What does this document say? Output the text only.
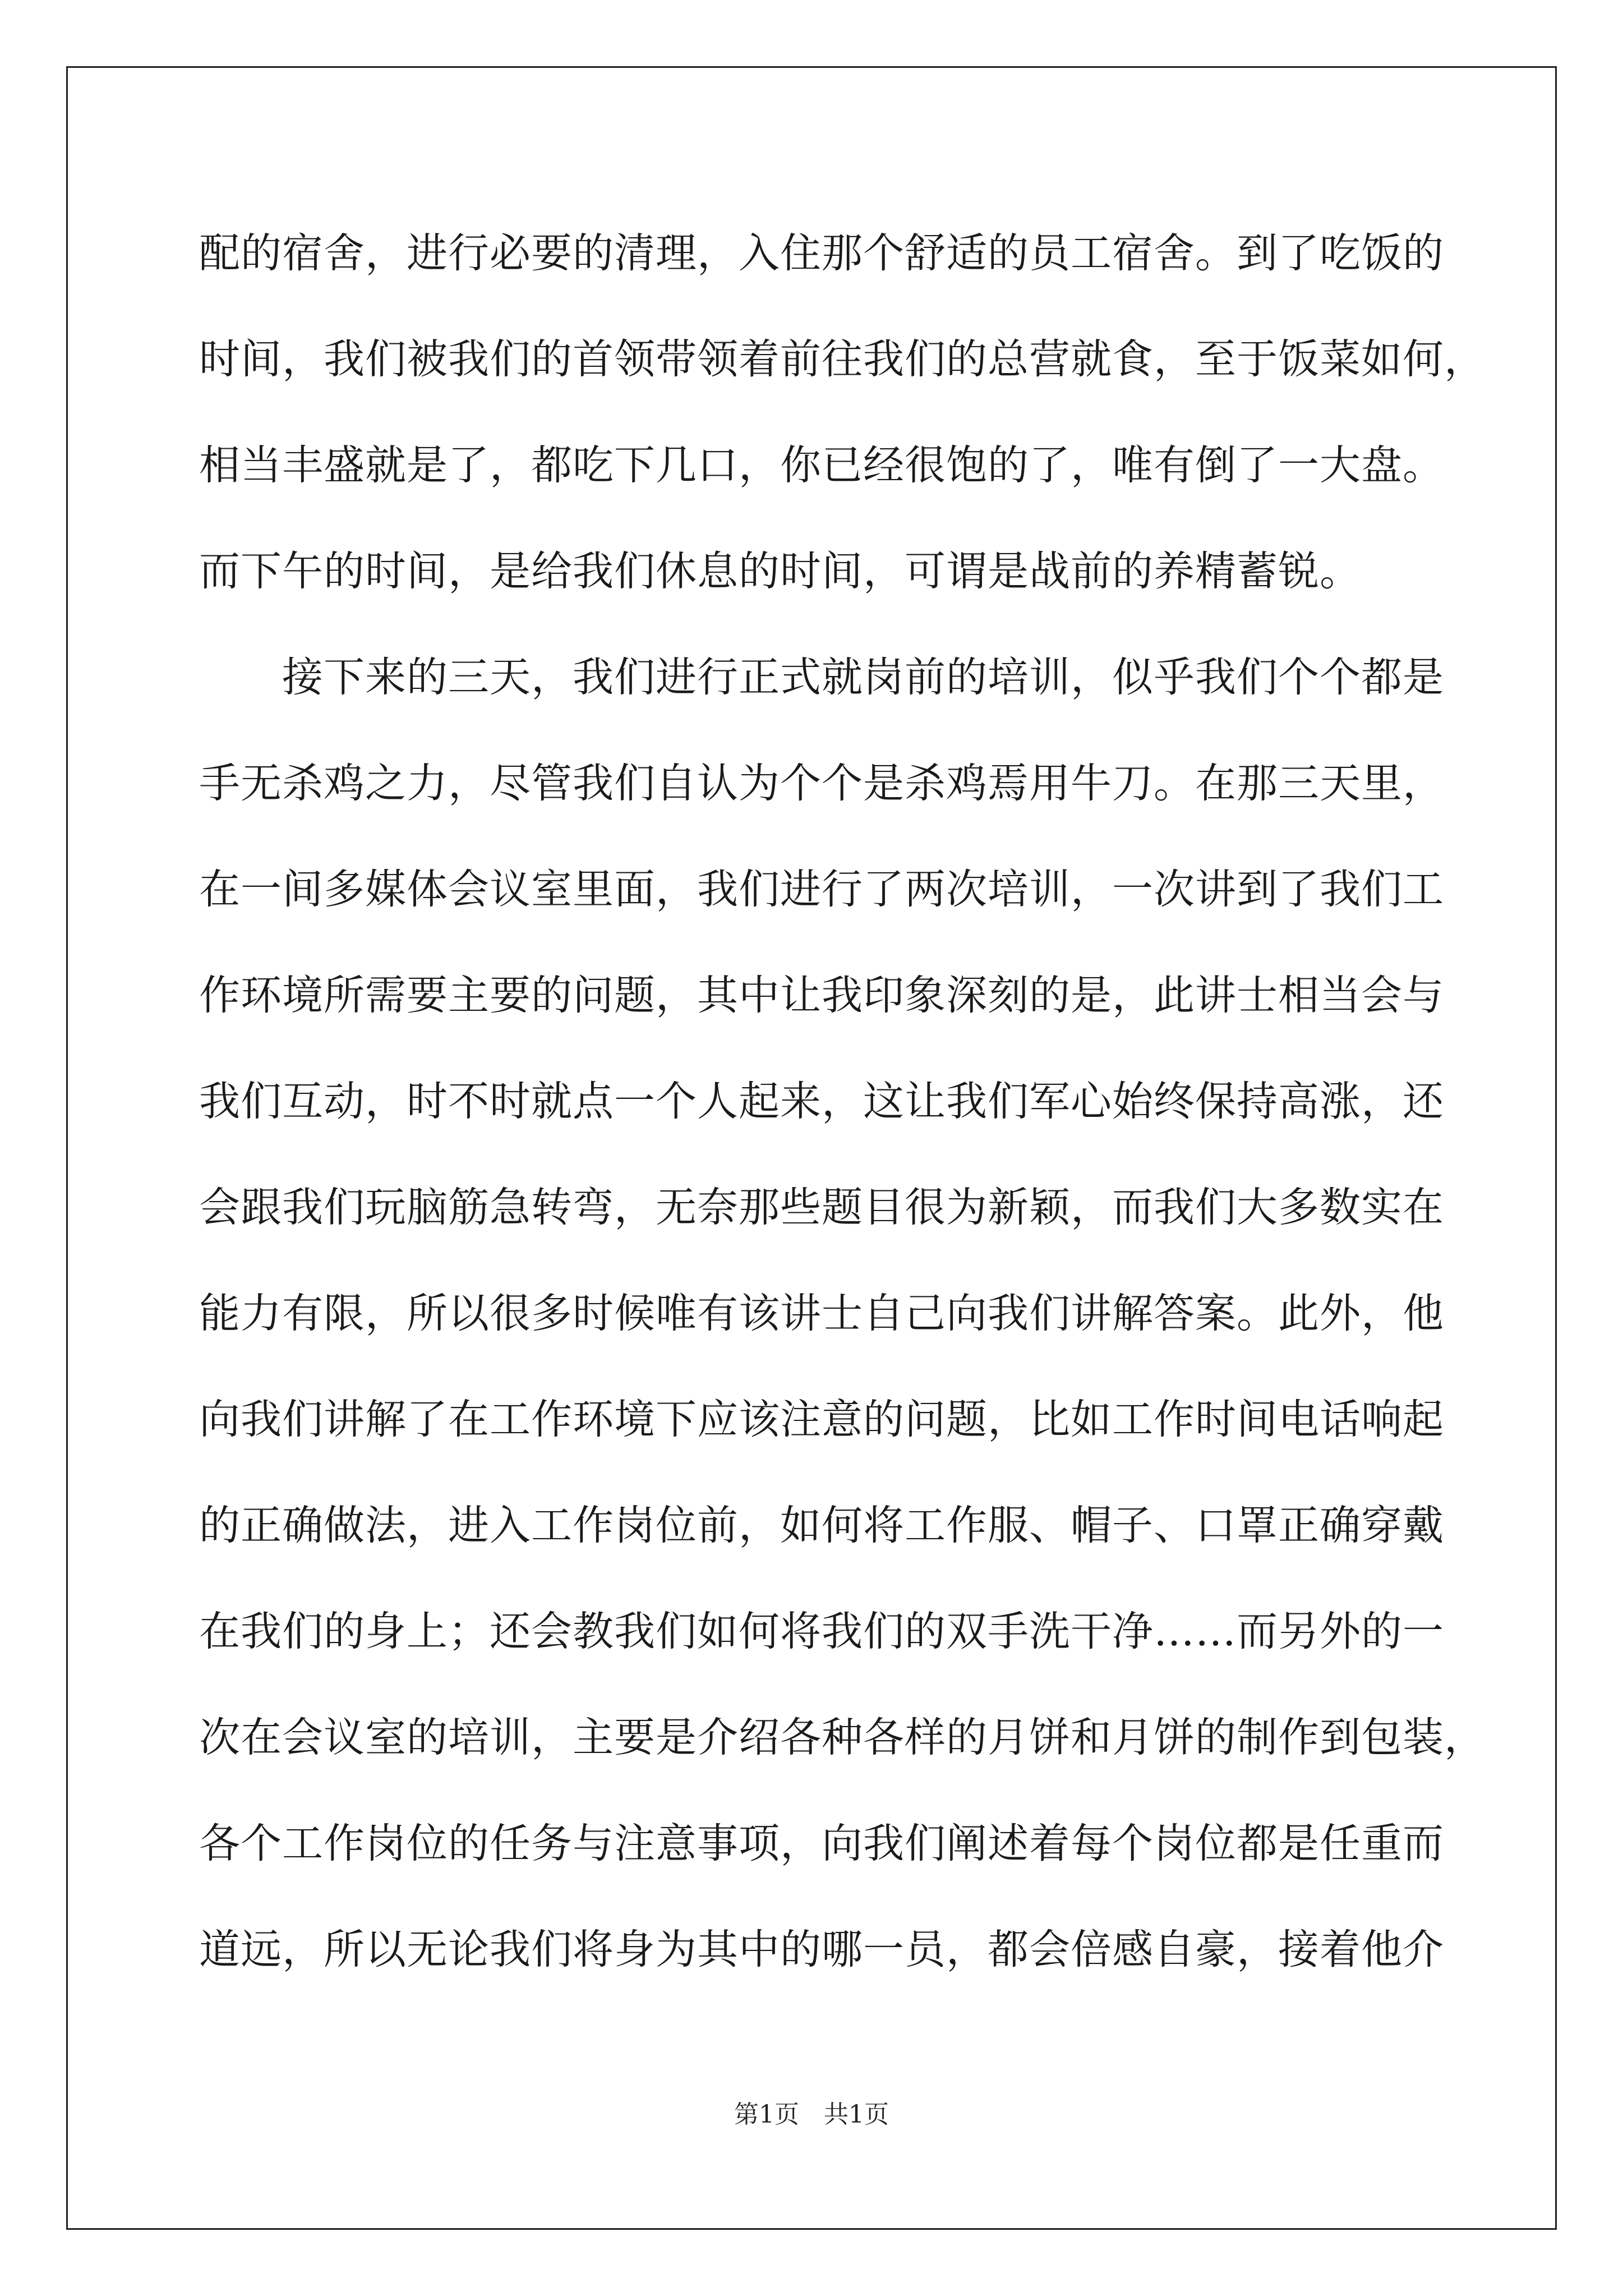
配的宿舍，进行必要的清理，入住那个舒适的员工宿舍。到了吃饭的
时间，我们被我们的首领带领着前往我们的总营就食，至于饭菜如何，
相当丰盛就是了，都吃下几口，你已经很饱的了，唯有倒了一大盘。
而下午的时间，是给我们休息的时间，可谓是战前的养精蓄锐。
　　接下来的三天，我们进行正式就岗前的培训，似乎我们个个都是
手无杀鸡之力，尽管我们自认为个个是杀鸡焉用牛刀。在那三天里，
在一间多媒体会议室里面，我们进行了两次培训，一次讲到了我们工
作环境所需要主要的问题，其中让我印象深刻的是，此讲士相当会与
我们互动，时不时就点一个人起来，这让我们军心始终保持高涨，还
会跟我们玩脑筋急转弯，无奈那些题目很为新颖，而我们大多数实在
能力有限，所以很多时候唯有该讲士自己向我们讲解答案。此外，他
向我们讲解了在工作环境下应该注意的问题，比如工作时间电话响起
的正确做法，进入工作岗位前，如何将工作服、帽子、口罩正确穿戴
在我们的身上；还会教我们如何将我们的双手洗干净……而另外的一
次在会议室的培训，主要是介绍各种各样的月饼和月饼的制作到包装，
各个工作岗位的任务与注意事项，向我们阐述着每个岗位都是任重而
道远，所以无论我们将身为其中的哪一员，都会倍感自豪，接着他介
第1页　共1页
